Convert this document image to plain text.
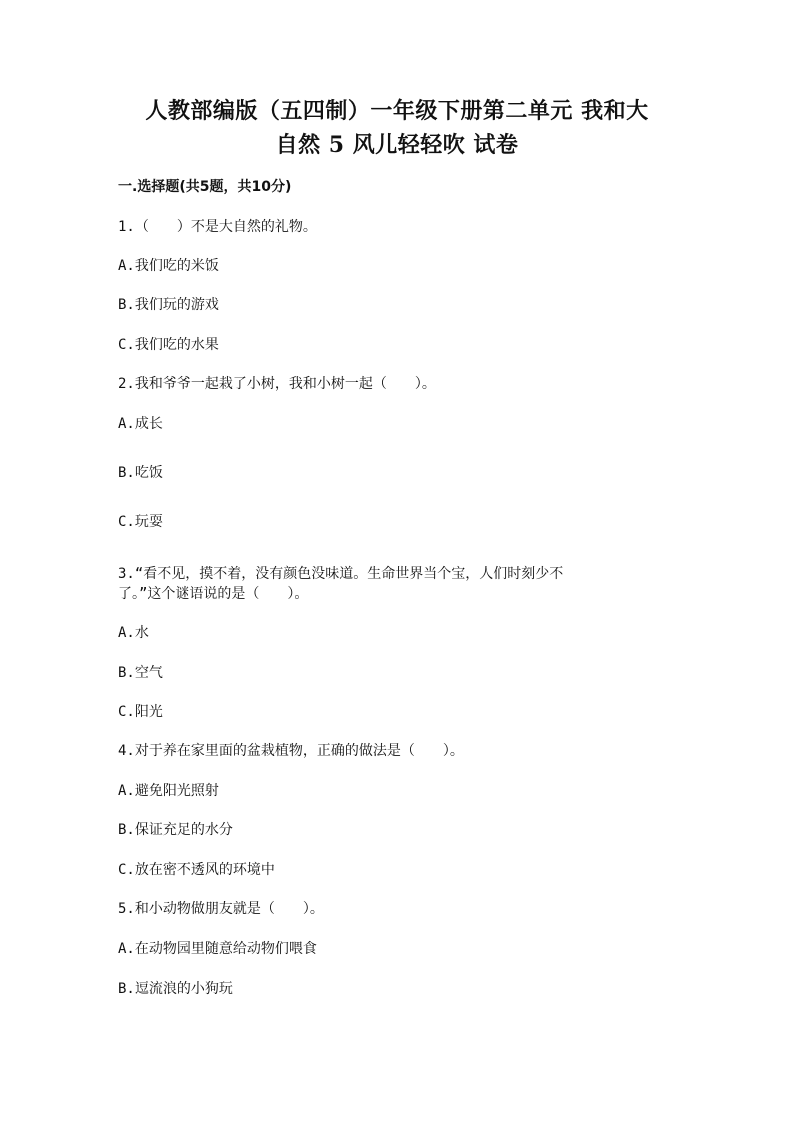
人教部编版（五四制）一年级下册第二单元 我和大
自然 5 风儿轻轻吹 试卷
一.选择题(共5题，共10分)
1.（　　）不是大自然的礼物。
A.我们吃的米饭
B.我们玩的游戏
C.我们吃的水果
2.我和爷爷一起栽了小树，我和小树一起（　　）。
A.成长
B.吃饭
C.玩耍
3.“看不见，摸不着，没有颜色没味道。生命世界当个宝，人们时刻少不
了。”这个谜语说的是（　　）。
A.水
B.空气
C.阳光
4.对于养在家里面的盆栽植物，正确的做法是（　　）。
A.避免阳光照射
B.保证充足的水分
C.放在密不透风的环境中
5.和小动物做朋友就是（　　）。
A.在动物园里随意给动物们喂食
B.逗流浪的小狗玩
